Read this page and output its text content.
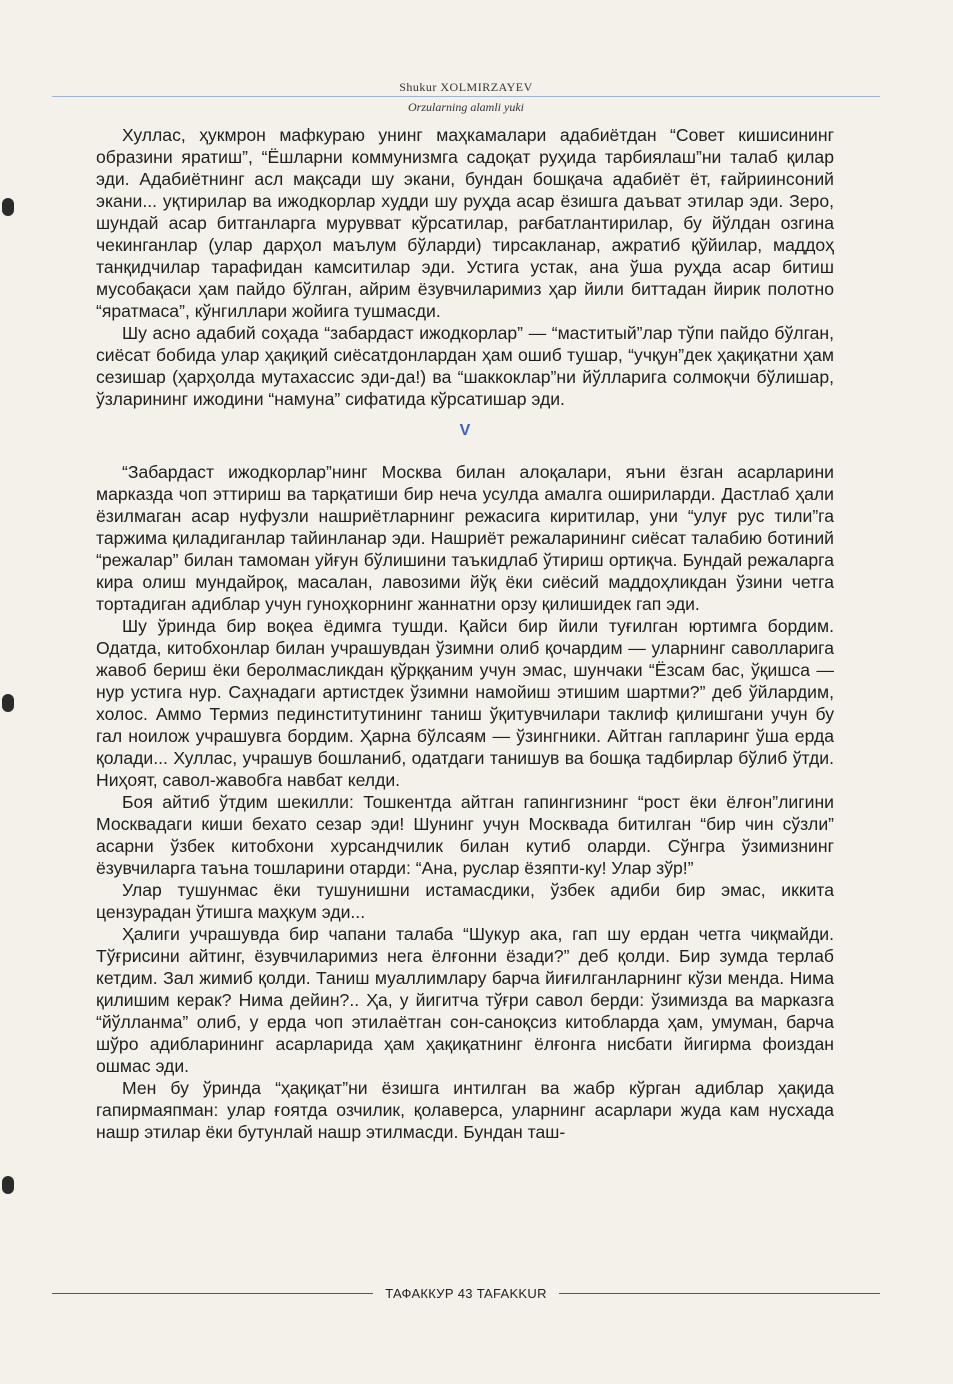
Shukur XOLMIRZAYEV
Orzularning alamli yuki

Хуллас, ҳукмрон мафкураю унинг маҳкамалари адабиётдан “Совет кишисининг образини яратиш”, “Ёшларни коммунизмга садоқат руҳида тарбиялаш”ни талаб қилар эди. Адабиётнинг асл мақсади шу экани, бундан бошқача адабиёт ёт, ғайриинсоний экани... уқтирилар ва ижодкорлар худди шу руҳда асар ёзишга даъват этилар эди. Зеро, шундай асар битганларга мурувват кўрсатилар, рағбатлантирилар, бу йўлдан озгина чекинганлар (улар дарҳол маълум бўларди) тирсакланар, ажратиб қўйилар, маддоҳ танқидчилар тарафидан камситилар эди. Устига устак, ана ўша руҳда асар битиш мусобақаси ҳам пайдо бўлган, айрим ёзувчиларимиз ҳар йили биттадан йирик полотно “яратмаса”, кўнгиллари жойига тушмасди.

Шу асно адабий соҳада “забардаст ижодкорлар” — “маститый”лар тўпи пайдо бўлган, сиёсат бобида улар ҳақиқий сиёсатдонлардан ҳам ошиб тушар, “учқун”дек ҳақиқатни ҳам сезишар (ҳарҳолда мутахассис эди-да!) ва “шаккоклар”ни йўлларига солмоқчи бўлишар, ўзларининг ижодини “намуна” сифатида кўрсатишар эди.

V

“Забардаст ижодкорлар”нинг Москва билан алоқалари, яъни ёзган асарларини марказда чоп эттириш ва тарқатиши бир неча усулда амалга ошириларди. Дастлаб ҳали ёзилмаган асар нуфузли нашриётларнинг режасига киритилар, уни “улуғ рус тили”га таржима қиладиганлар тайинланар эди. Нашриёт режаларининг сиёсат талабию ботиний “режалар” билан тамоман уйғун бўлишини таъкидлаб ўтириш ортиқча. Бундай режаларга кира олиш мундайроқ, масалан, лавозими йўқ ёки сиёсий маддоҳликдан ўзини четга тортадиган адиблар учун гуноҳкорнинг жаннатни орзу қилишидек гап эди.

Шу ўринда бир воқеа ёдимга тушди. Қайси бир йили туғилган юртимга бордим. Одатда, китобхонлар билан учрашувдан ўзимни олиб қочардим — уларнинг саволларига жавоб бериш ёки беролмасликдан қўрққаним учун эмас, шунчаки “Ёзсам бас, ўқишса — нур устига нур. Саҳнадаги артистдек ўзимни намойиш этишим шартми?” деб ўйлардим, холос. Аммо Термиз пединститутининг таниш ўқитувчилари таклиф қилишгани учун бу гал ноилож учрашувга бордим. Ҳарна бўлсаям — ўзингники. Айтган гапларинг ўша ерда қолади... Хуллас, учрашув бошланиб, одатдаги танишув ва бошқа тадбирлар бўлиб ўтди. Ниҳоят, савол-жавобга навбат келди.

Боя айтиб ўтдим шекилли: Тошкентда айтган гапингизнинг “рост ёки ёлғон”лигини Москвадаги киши бехато сезар эди! Шунинг учун Москвада битилган “бир чин сўзли” асарни ўзбек китобхони хурсандчилик билан кутиб оларди. Сўнгра ўзимизнинг ёзувчиларга таъна тошларини отарди: “Ана, руслар ёзяпти-ку! Улар зўр!”

Улар тушунмас ёки тушунишни истамасдики, ўзбек адиби бир эмас, иккита цензурадан ўтишга маҳкум эди...

Ҳалиги учрашувда бир чапани талаба “Шукур ака, гап шу ердан четга чиқмайди. Тўғрисини айтинг, ёзувчиларимиз нега ёлғонни ёзади?” деб қолди. Бир зумда терлаб кетдим. Зал жимиб қолди. Таниш муаллимлару барча йиғилганларнинг кўзи менда. Нима қилишим керак? Нима дейин?.. Ҳа, у йигитча тўғри савол берди: ўзимизда ва марказга “йўлланма” олиб, у ерда чоп этилаётган сон-саноқсиз китобларда ҳам, умуман, барча шўро адибларининг асарларида ҳам ҳақиқатнинг ёлғонга нисбати йигирма фоиздан ошмас эди.

Мен бу ўринда “ҳақиқат”ни ёзишга интилган ва жабр кўрган адиблар ҳақида гапирмаяпман: улар ғоятда озчилик, қолаверса, уларнинг асарлари жуда кам нусхада нашр этилар ёки бутунлай нашр этилмасди. Бундан таш-

ТАФАККУР 43 TAFAKKUR
